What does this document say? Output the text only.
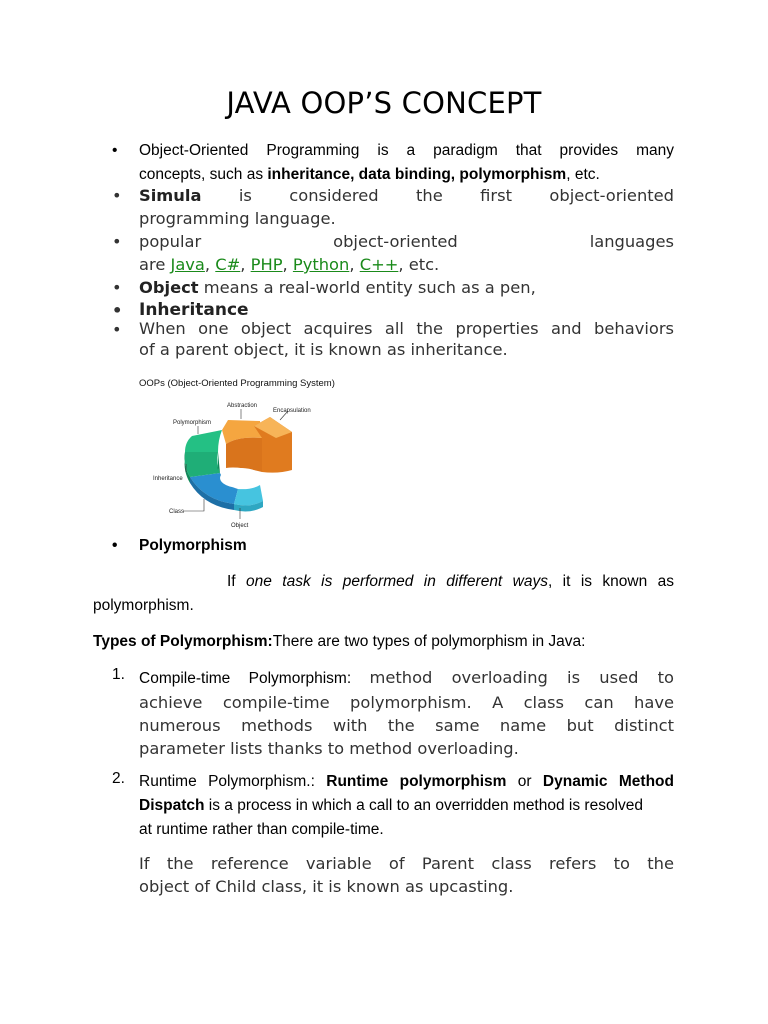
JAVA OOP’S CONCEPT
• Object-Oriented Programming is a paradigm that provides many
concepts, such as inheritance, data binding, polymorphism, etc.
• Simula is considered the first object-oriented
programming language.
• popular object-oriented languages
are Java, C#, PHP, Python, C++, etc.
• Object means a real-world entity such as a pen,
• Inheritance
• When one object acquires all the properties and behaviors
of a parent object, it is known as inheritance.
OOPs (Object-Oriented Programming System)
Abstraction
Encapsulation
Polymorphism
Inheritance
Class
Object
• Polymorphism
If one task is performed in different ways, it is known as
polymorphism.
Types of Polymorphism:There are two types of polymorphism in Java:
1. Compile-time Polymorphism: method overloading is used to
achieve compile-time polymorphism. A class can have
numerous methods with the same name but distinct
parameter lists thanks to method overloading.
2. Runtime Polymorphism.: Runtime polymorphism or Dynamic Method
Dispatch is a process in which a call to an overridden method is resolved
at runtime rather than compile-time.
If the reference variable of Parent class refers to the
object of Child class, it is known as upcasting.
